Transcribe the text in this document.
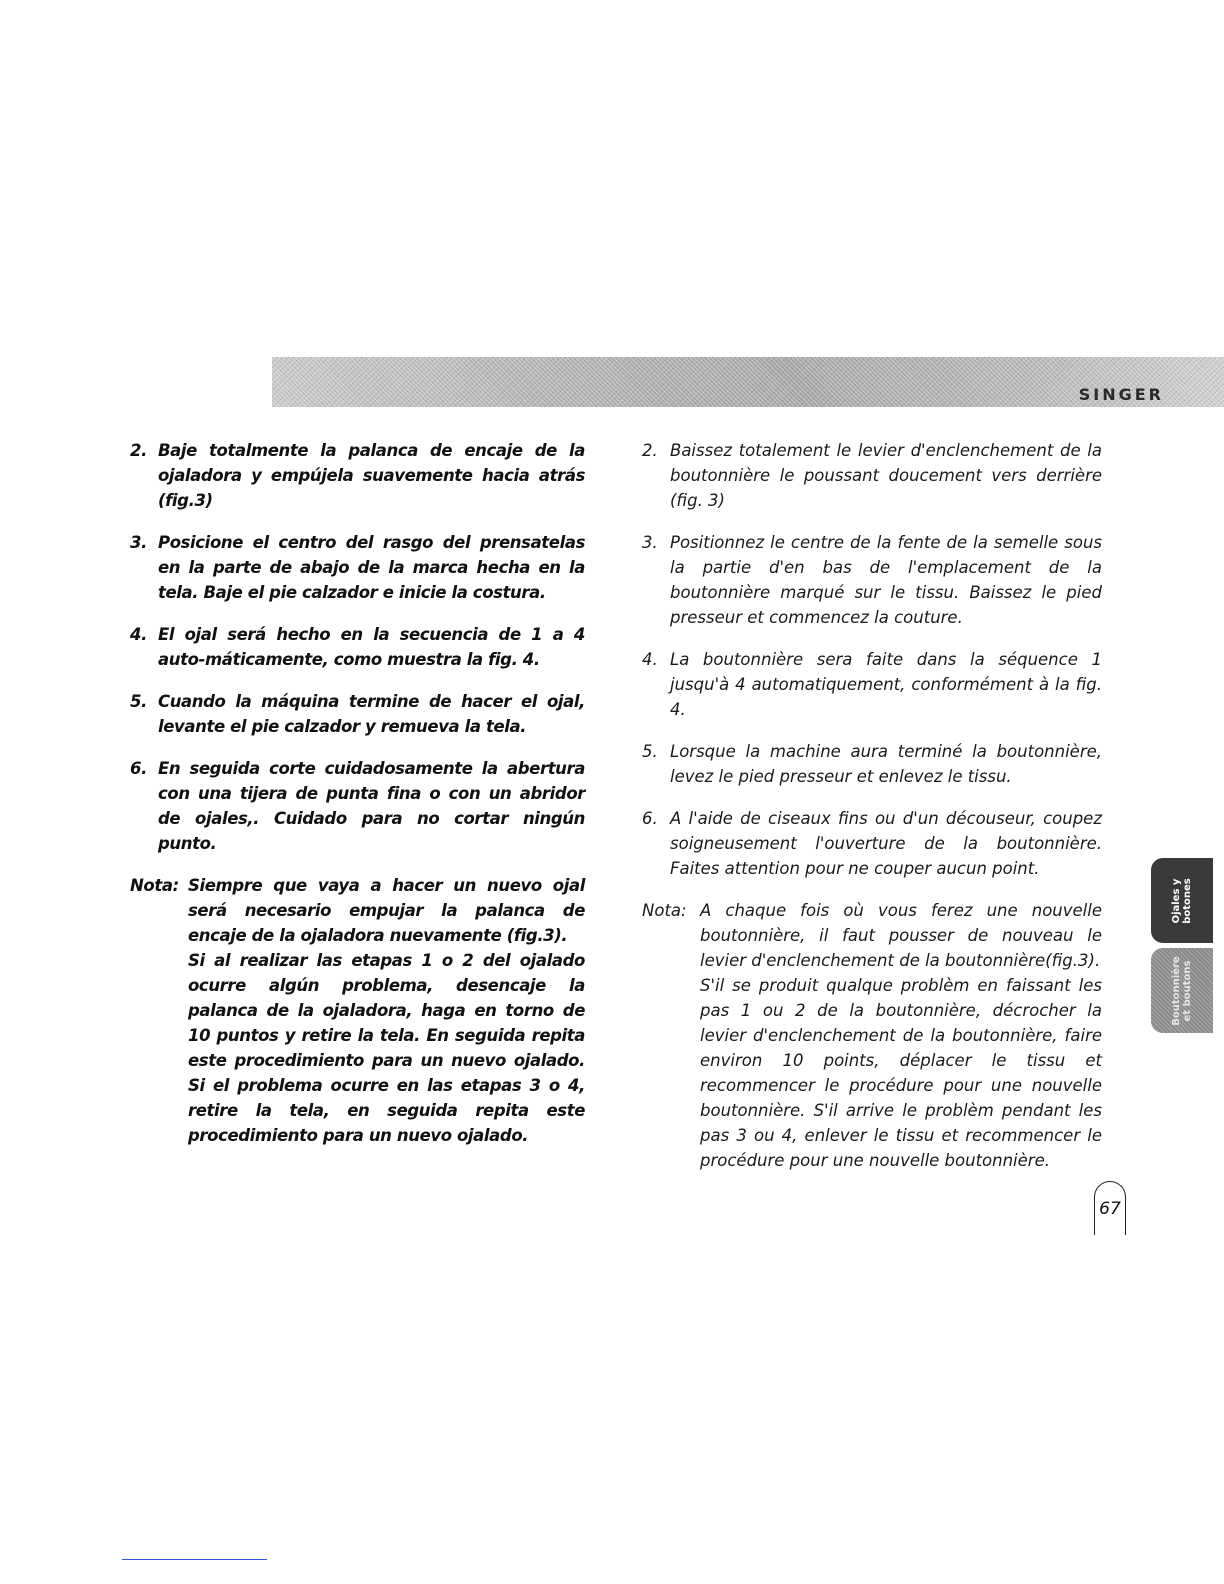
SINGER
2. Baje totalmente la palanca de encaje de la ojaladora y empújela suavemente hacia atrás (fig.3)
3. Posicione el centro del rasgo del prensatelas en la parte de abajo de la marca hecha en la tela. Baje el pie calzador e inicie la costura.
4. El ojal será hecho en la secuencia de 1 a 4 auto-máticamente, como muestra la fig. 4.
5. Cuando la máquina termine de hacer el ojal, levante el pie calzador y remueva la tela.
6. En seguida corte cuidadosamente la abertura con una tijera de punta fina o con un abridor de ojales,. Cuidado para no cortar ningún punto.
Nota: Siempre que vaya a hacer un nuevo ojal será necesario empujar la palanca de encaje de la ojaladora nuevamente (fig.3).
Si al realizar las etapas 1 o 2 del ojalado ocurre algún problema, desencaje la palanca de la ojaladora, haga en torno de 10 puntos y retire la tela. En seguida repita este procedimiento para un nuevo ojalado. Si el problema ocurre en las etapas 3 o 4, retire la tela, en seguida repita este procedimiento para un nuevo ojalado.
2. Baissez totalement le levier d'enclenchement de la boutonnière le poussant doucement vers derrière (fig. 3)
3. Positionnez le centre de la fente de la semelle sous la partie d'en bas de l'emplacement de la boutonnière marqué sur le tissu. Baissez le pied presseur et commencez la couture.
4. La boutonnière sera faite dans la séquence 1 jusqu'à 4 automatiquement, conformément à la fig. 4.
5. Lorsque la machine aura terminé la boutonnière, levez le pied presseur et enlevez le tissu.
6. A l'aide de ciseaux fins ou d'un découseur, coupez soigneusement l'ouverture de la boutonnière. Faites attention pour ne couper aucun point.
Nota: A chaque fois où vous ferez une nouvelle boutonnière, il faut pousser de nouveau le levier d'enclenchement de la boutonnière(fig.3).
S'il se produit qualque problèm en faissant les pas 1 ou 2 de la boutonnière, décrocher la levier d'enclenchement de la boutonnière, faire environ 10 points, déplacer le tissu et recommencer le procédure pour une nouvelle boutonnière. S'il arrive le problèm pendant les pas 3 ou 4, enlever le tissu et recommencer le procédure pour une nouvelle boutonnière.
Ojales y
botones
Boutonnière
et boutons
67
